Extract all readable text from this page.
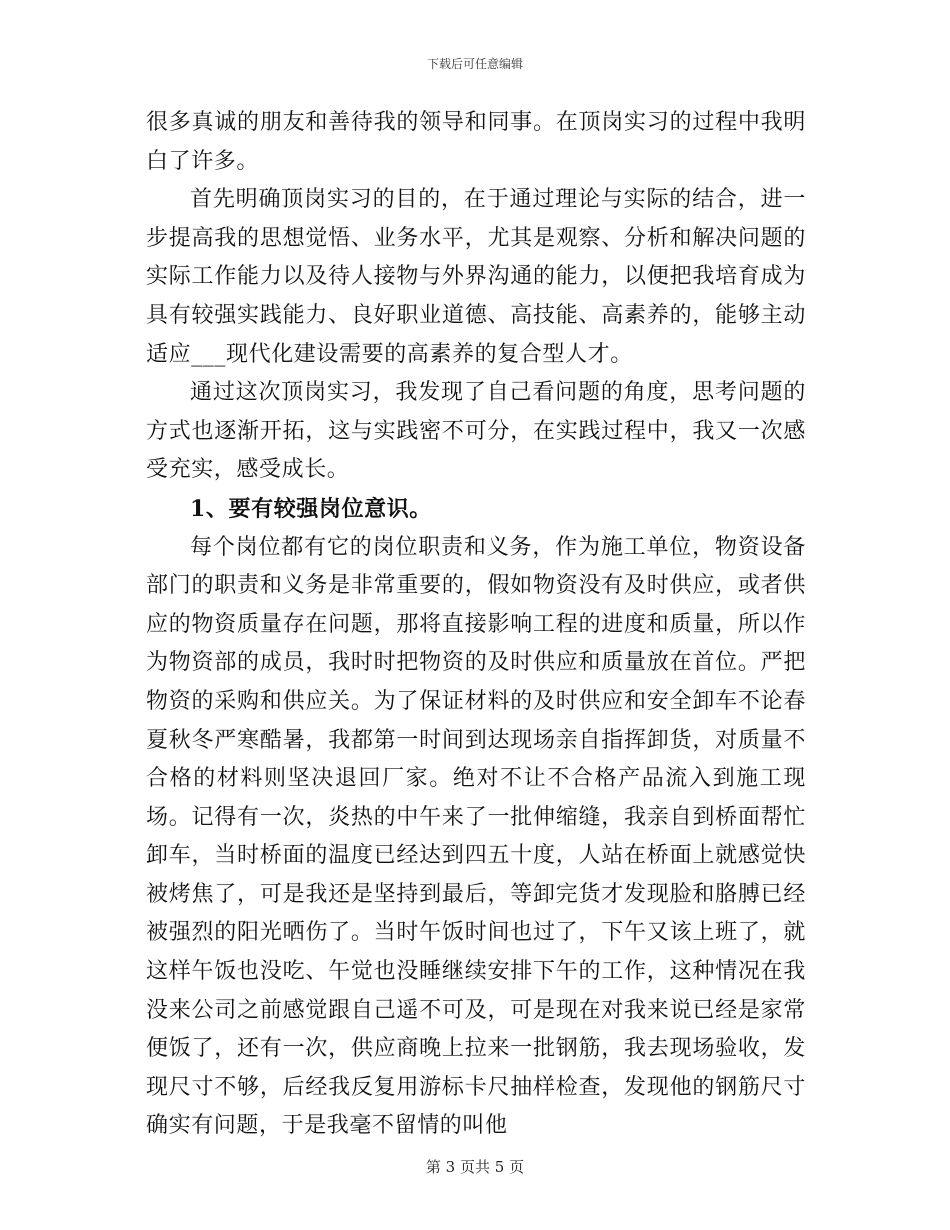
下载后可任意编辑

很多真诚的朋友和善待我的领导和同事。在顶岗实习的过程中我明白了许多。

首先明确顶岗实习的目的，在于通过理论与实际的结合，进一步提高我的思想觉悟、业务水平，尤其是观察、分析和解决问题的实际工作能力以及待人接物与外界沟通的能力，以便把我培育成为具有较强实践能力、良好职业道德、高技能、高素养的，能够主动适应___现代化建设需要的高素养的复合型人才。

通过这次顶岗实习，我发现了自己看问题的角度，思考问题的方式也逐渐开拓，这与实践密不可分，在实践过程中，我又一次感受充实，感受成长。

1、要有较强岗位意识。

每个岗位都有它的岗位职责和义务，作为施工单位，物资设备部门的职责和义务是非常重要的，假如物资没有及时供应，或者供应的物资质量存在问题，那将直接影响工程的进度和质量，所以作为物资部的成员，我时时把物资的及时供应和质量放在首位。严把物资的采购和供应关。为了保证材料的及时供应和安全卸车不论春夏秋冬严寒酷暑，我都第一时间到达现场亲自指挥卸货，对质量不合格的材料则坚决退回厂家。绝对不让不合格产品流入到施工现场。记得有一次，炎热的中午来了一批伸缩缝，我亲自到桥面帮忙卸车，当时桥面的温度已经达到四五十度，人站在桥面上就感觉快被烤焦了，可是我还是坚持到最后，等卸完货才发现脸和胳膊已经被强烈的阳光晒伤了。当时午饭时间也过了，下午又该上班了，就这样午饭也没吃、午觉也没睡继续安排下午的工作，这种情况在我没来公司之前感觉跟自己遥不可及，可是现在对我来说已经是家常便饭了，还有一次，供应商晚上拉来一批钢筋，我去现场验收，发现尺寸不够，后经我反复用游标卡尺抽样检查，发现他的钢筋尺寸确实有问题，于是我毫不留情的叫他

第 3 页共 5 页
